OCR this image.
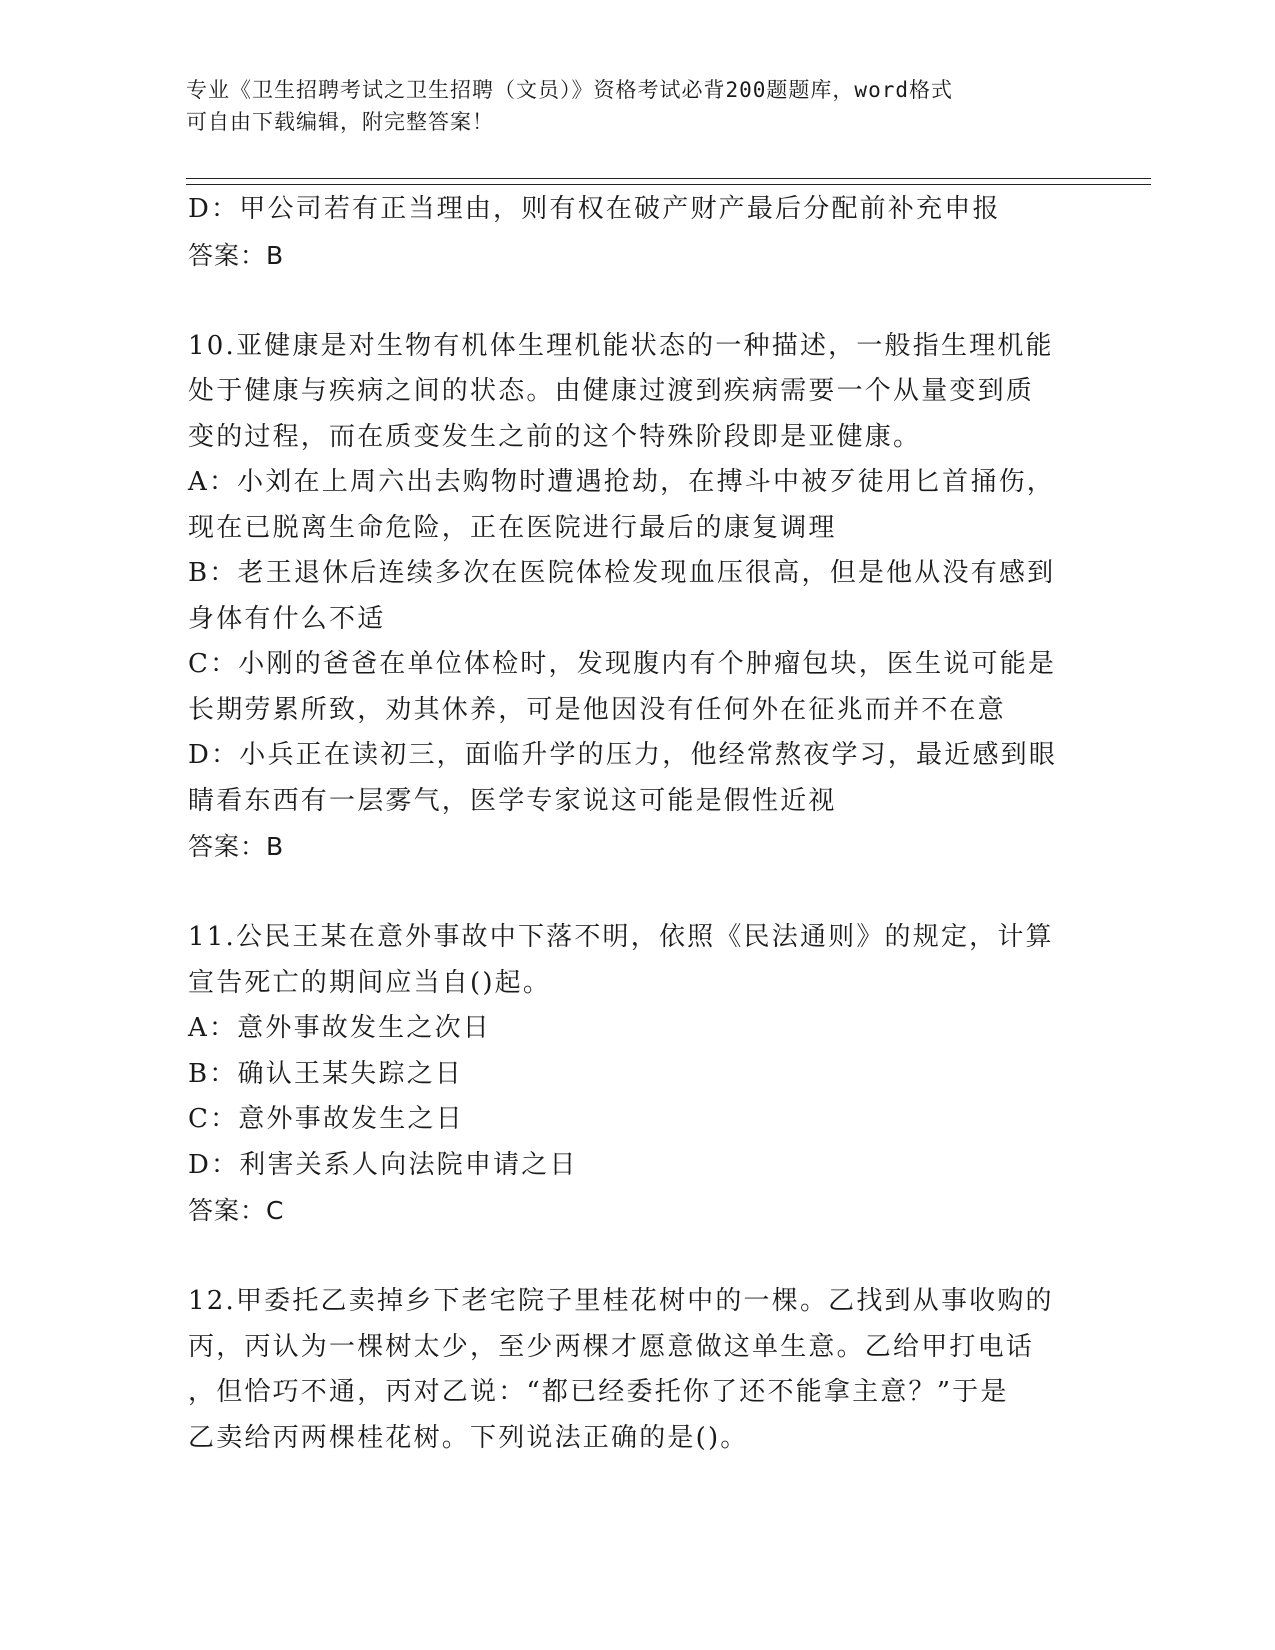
专业《卫生招聘考试之卫生招聘（文员）》资格考试必背200题题库，word格式
可自由下载编辑，附完整答案！
D：甲公司若有正当理由，则有权在破产财产最后分配前补充申报
答案：B
10.亚健康是对生物有机体生理机能状态的一种描述，一般指生理机能
处于健康与疾病之间的状态。由健康过渡到疾病需要一个从量变到质
变的过程，而在质变发生之前的这个特殊阶段即是亚健康。
A：小刘在上周六出去购物时遭遇抢劫，在搏斗中被歹徒用匕首捅伤，
现在已脱离生命危险，正在医院进行最后的康复调理
B：老王退休后连续多次在医院体检发现血压很高，但是他从没有感到
身体有什么不适
C：小刚的爸爸在单位体检时，发现腹内有个肿瘤包块，医生说可能是
长期劳累所致，劝其休养，可是他因没有任何外在征兆而并不在意
D：小兵正在读初三，面临升学的压力，他经常熬夜学习，最近感到眼
睛看东西有一层雾气，医学专家说这可能是假性近视
答案：B
11.公民王某在意外事故中下落不明，依照《民法通则》的规定，计算
宣告死亡的期间应当自()起。
A：意外事故发生之次日
B：确认王某失踪之日
C：意外事故发生之日
D：利害关系人向法院申请之日
答案：C
12.甲委托乙卖掉乡下老宅院子里桂花树中的一棵。乙找到从事收购的
丙，丙认为一棵树太少，至少两棵才愿意做这单生意。乙给甲打电话
，但恰巧不通，丙对乙说：“都已经委托你了还不能拿主意？”于是
乙卖给丙两棵桂花树。下列说法正确的是()。
